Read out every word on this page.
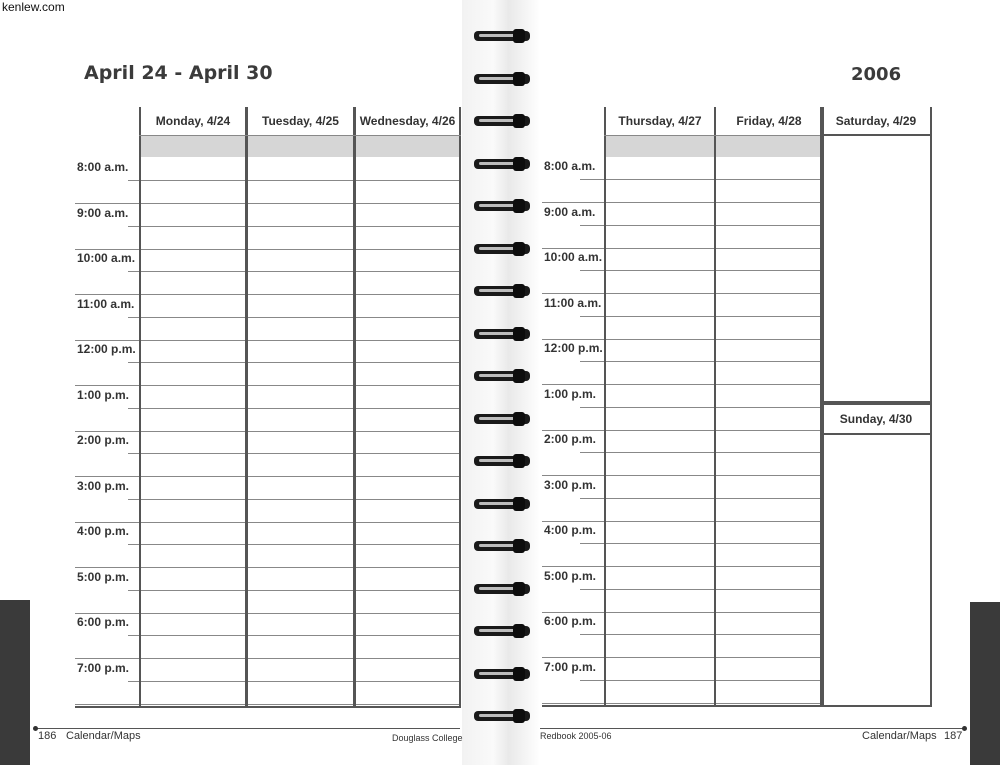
kenlew.com
April 24 - April 30	2006
8:00 a.m.
9:00 a.m.
10:00 a.m.
11:00 a.m.
12:00 p.m.
1:00 p.m.
2:00 p.m.
3:00 p.m.
4:00 p.m.
5:00 p.m.
6:00 p.m.
7:00 p.m.
Monday, 4/24	Tuesday, 4/25	Wednesday, 4/26
8:00 a.m.
9:00 a.m.
10:00 a.m.
11:00 a.m.
12:00 p.m.
1:00 p.m.
2:00 p.m.
3:00 p.m.
4:00 p.m.
5:00 p.m.
6:00 p.m.
7:00 p.m.
Thursday, 4/27	Friday, 4/28	Saturday, 4/29
Sunday, 4/30
186 Calendar/Maps	Douglass College	Redbook 2005-06	Calendar/Maps 187
